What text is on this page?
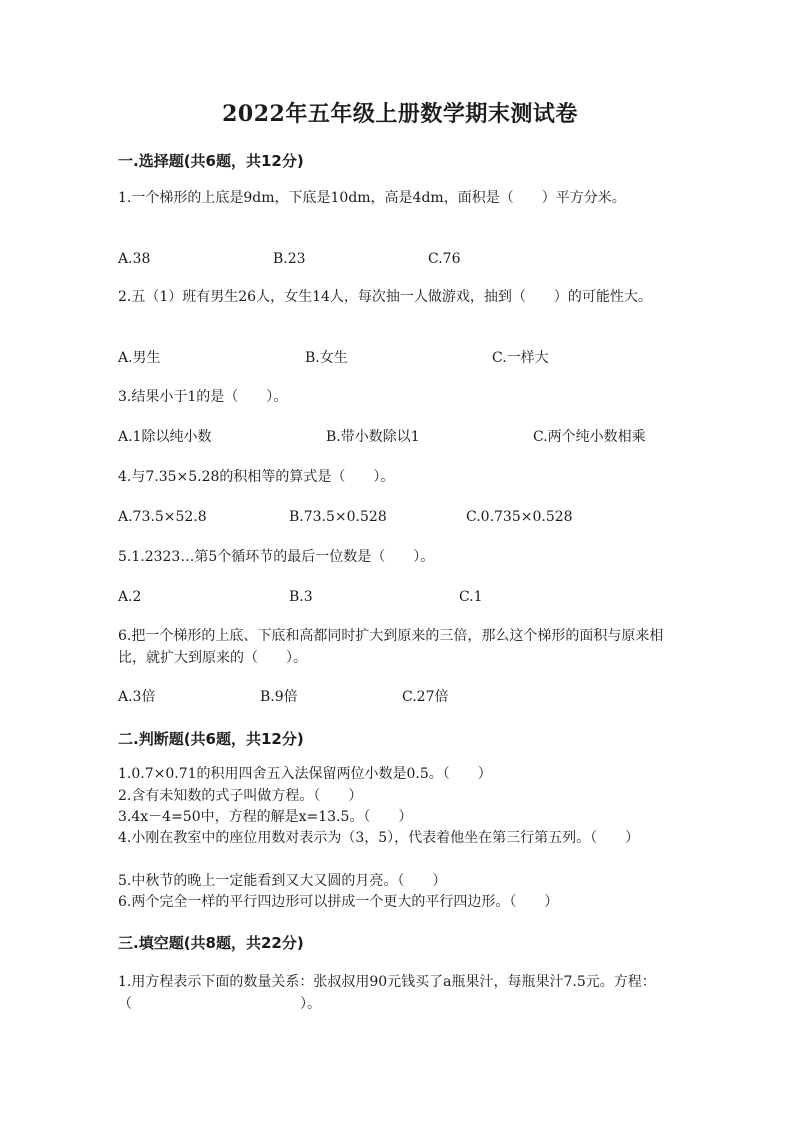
2022年五年级上册数学期末测试卷
一.选择题(共6题，共12分)
1.一个梯形的上底是9dm，下底是10dm，高是4dm，面积是（　　）平方分米。
A.38	B.23	C.76
2.五（1）班有男生26人，女生14人，每次抽一人做游戏，抽到（　　）的可能性大。
A.男生	B.女生	C.一样大
3.结果小于1的是（　　）。
A.1除以纯小数	B.带小数除以1	C.两个纯小数相乘
4.与7.35×5.28的积相等的算式是（　　）。
A.73.5×52.8	B.73.5×0.528	C.0.735×0.528
5.1.2323…第5个循环节的最后一位数是（　　）。
A.2	B.3	C.1
6.把一个梯形的上底、下底和高都同时扩大到原来的三倍，那么这个梯形的面积与原来相比，就扩大到原来的（　　）。
A.3倍	B.9倍	C.27倍
二.判断题(共6题，共12分)
1.0.7×0.71的积用四舍五入法保留两位小数是0.5。（　　）
2.含有未知数的式子叫做方程。（　　）
3.4x－4=50中，方程的解是x=13.5。（　　）
4.小刚在教室中的座位用数对表示为（3，5），代表着他坐在第三行第五列。（　　）
5.中秋节的晚上一定能看到又大又圆的月亮。（　　）
6.两个完全一样的平行四边形可以拼成一个更大的平行四边形。（　　）
三.填空题(共8题，共22分)
1.用方程表示下面的数量关系：张叔叔用90元钱买了a瓶果汁，每瓶果汁7.5元。方程：（　　　　　　　　　　　　）。
